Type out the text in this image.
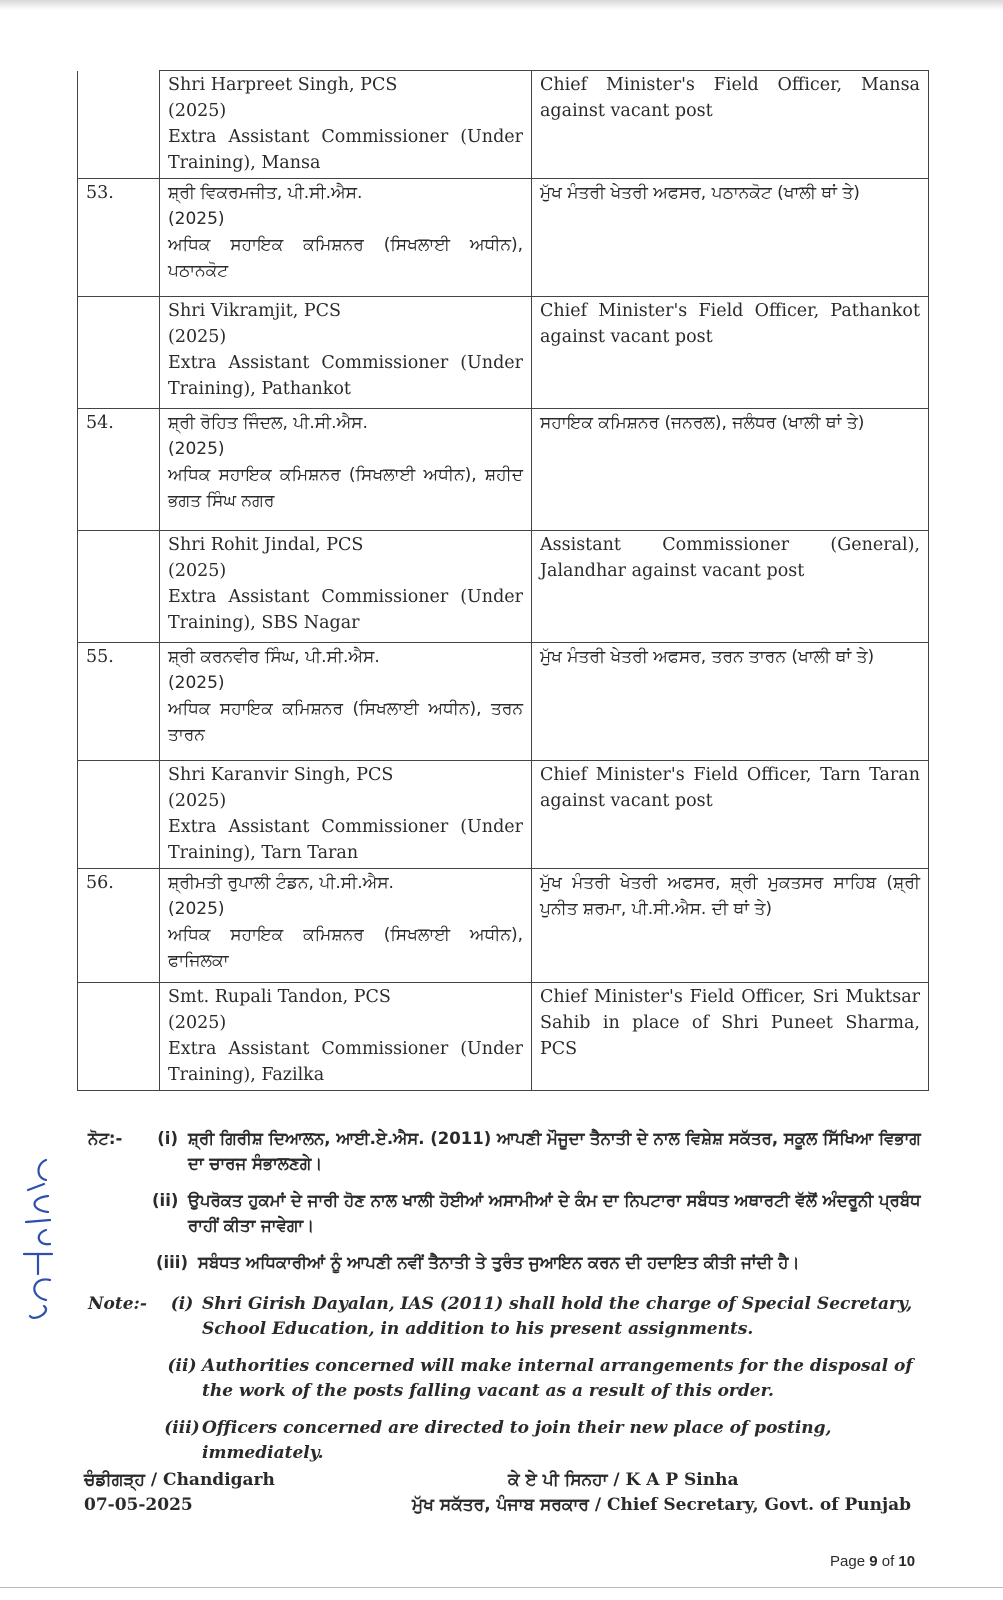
	Shri Harpreet Singh, PCS
(2025)
Extra Assistant Commissioner (Under Training), Mansa	Chief Minister's Field Officer, Mansa against vacant post
53.	ਸ਼੍ਰੀ ਵਿਕਰਮਜੀਤ, ਪੀ.ਸੀ.ਐਸ.
(2025)
ਅਧਿਕ ਸਹਾਇਕ ਕਮਿਸ਼ਨਰ (ਸਿਖਲਾਈ ਅਧੀਨ), ਪਠਾਨਕੋਟ	ਮੁੱਖ ਮੰਤਰੀ ਖੇਤਰੀ ਅਫਸਰ, ਪਠਾਨਕੋਟ (ਖਾਲੀ ਥਾਂ ਤੇ)

	Shri Vikramjit, PCS
(2025)
Extra Assistant Commissioner (Under Training), Pathankot	Chief Minister's Field Officer, Pathankot against vacant post
54.	ਸ਼੍ਰੀ ਰੋਹਿਤ ਜਿੰਦਲ, ਪੀ.ਸੀ.ਐਸ.
(2025)
ਅਧਿਕ ਸਹਾਇਕ ਕਮਿਸ਼ਨਰ (ਸਿਖਲਾਈ ਅਧੀਨ), ਸ਼ਹੀਦ ਭਗਤ ਸਿੰਘ ਨਗਰ	ਸਹਾਇਕ ਕਮਿਸ਼ਨਰ (ਜਨਰਲ), ਜਲੰਧਰ (ਖਾਲੀ ਥਾਂ ਤੇ)

	Shri Rohit Jindal, PCS
(2025)
Extra Assistant Commissioner (Under Training), SBS Nagar	Assistant Commissioner (General), Jalandhar against vacant post
55.	ਸ਼੍ਰੀ ਕਰਨਵੀਰ ਸਿੰਘ, ਪੀ.ਸੀ.ਐਸ.
(2025)
ਅਧਿਕ ਸਹਾਇਕ ਕਮਿਸ਼ਨਰ (ਸਿਖਲਾਈ ਅਧੀਨ), ਤਰਨ ਤਾਰਨ	ਮੁੱਖ ਮੰਤਰੀ ਖੇਤਰੀ ਅਫਸਰ, ਤਰਨ ਤਾਰਨ (ਖਾਲੀ ਥਾਂ ਤੇ)

	Shri Karanvir Singh, PCS
(2025)
Extra Assistant Commissioner (Under Training), Tarn Taran	Chief Minister's Field Officer, Tarn Taran against vacant post
56.	ਸ਼੍ਰੀਮਤੀ ਰੁਪਾਲੀ ਟੰਡਨ, ਪੀ.ਸੀ.ਐਸ.
(2025)
ਅਧਿਕ ਸਹਾਇਕ ਕਮਿਸ਼ਨਰ (ਸਿਖਲਾਈ ਅਧੀਨ), ਫਾਜਿਲਕਾ	ਮੁੱਖ ਮੰਤਰੀ ਖੇਤਰੀ ਅਫਸਰ, ਸ਼੍ਰੀ ਮੁਕਤਸਰ ਸਾਹਿਬ (ਸ਼੍ਰੀ ਪੁਨੀਤ ਸ਼ਰਮਾ, ਪੀ.ਸੀ.ਐਸ. ਦੀ ਥਾਂ ਤੇ)

	Smt. Rupali Tandon, PCS
(2025)
Extra Assistant Commissioner (Under Training), Fazilka	Chief Minister's Field Officer, Sri Muktsar Sahib in place of Shri Puneet Sharma, PCS
ਨੋਟ:-	(i) ਸ਼੍ਰੀ ਗਿਰੀਸ਼ ਦਿਆਲਨ, ਆਈ.ਏ.ਐਸ. (2011) ਆਪਣੀ ਮੌਜੂਦਾ ਤੈਨਾਤੀ ਦੇ ਨਾਲ ਵਿਸ਼ੇਸ਼ ਸਕੱਤਰ, ਸਕੂਲ ਸਿੱਖਿਆ ਵਿਭਾਗ ਦਾ ਚਾਰਜ ਸੰਭਾਲਣਗੇ।
(ii) ਉਪਰੋਕਤ ਹੁਕਮਾਂ ਦੇ ਜਾਰੀ ਹੋਣ ਨਾਲ ਖਾਲੀ ਹੋਈਆਂ ਅਸਾਮੀਆਂ ਦੇ ਕੰਮ ਦਾ ਨਿਪਟਾਰਾ ਸਬੰਧਤ ਅਥਾਰਟੀ ਵੱਲੋਂ ਅੰਦਰੂਨੀ ਪ੍ਰਬੰਧ ਰਾਹੀਂ ਕੀਤਾ ਜਾਵੇਗਾ।
(iii) ਸਬੰਧਤ ਅਧਿਕਾਰੀਆਂ ਨੂੰ ਆਪਣੀ ਨਵੀਂ ਤੈਨਾਤੀ ਤੇ ਤੁਰੰਤ ਜੁਆਇਨ ਕਰਨ ਦੀ ਹਦਾਇਤ ਕੀਤੀ ਜਾਂਦੀ ਹੈ।
Note:-	(i) Shri Girish Dayalan, IAS (2011) shall hold the charge of Special Secretary, School Education, in addition to his present assignments.
(ii) Authorities concerned will make internal arrangements for the disposal of the work of the posts falling vacant as a result of this order.
(iii) Officers concerned are directed to join their new place of posting, immediately.
ਚੰਡੀਗੜ੍ਹ / Chandigarh
07-05-2025
ਕੇ ਏ ਪੀ ਸਿਨਹਾ / K A P Sinha
ਮੁੱਖ ਸਕੱਤਰ, ਪੰਜਾਬ ਸਰਕਾਰ / Chief Secretary, Govt. of Punjab
Page 9 of 10
